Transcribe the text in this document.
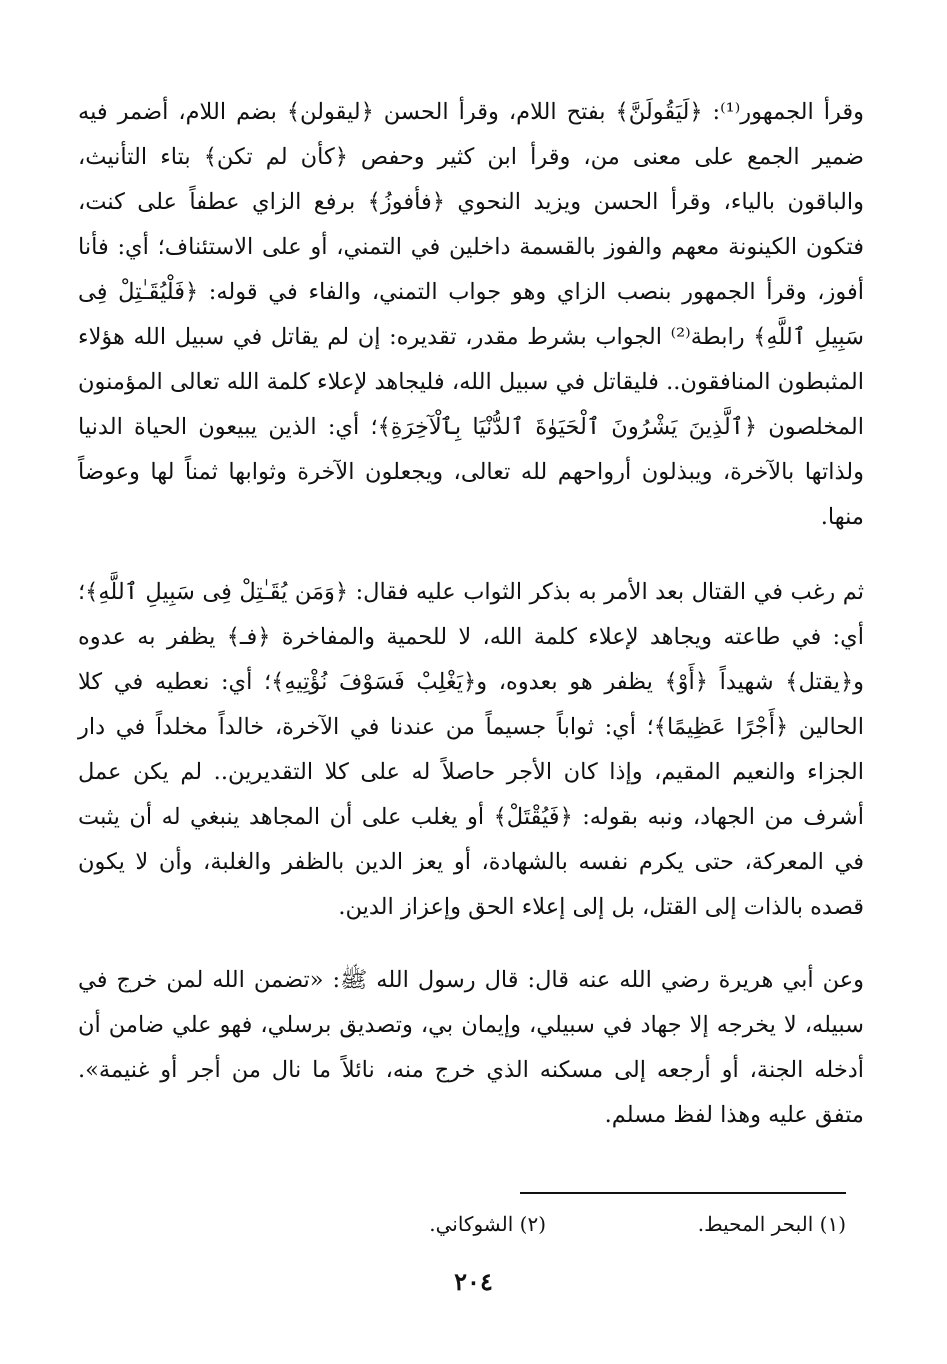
وقرأ الجمهور⁽¹⁾: ﴿لَيَقُولَنَّ﴾ بفتح اللام، وقرأ الحسن ﴿ليقولن﴾ بضم اللام، أضمر فيه ضمير الجمع على معنى من، وقرأ ابن كثير وحفص ﴿كأن لم تكن﴾ بتاء التأنيث، والباقون بالياء، وقرأ الحسن ويزيد النحوي ﴿فأفوزُ﴾ برفع الزاي عطفاً على كنت، فتكون الكينونة معهم والفوز بالقسمة داخلين في التمني، أو على الاستئناف؛ أي: فأنا أفوز، وقرأ الجمهور بنصب الزاي وهو جواب التمني، والفاء في قوله: ﴿فَلْيُقَـٰتِلْ فِى سَبِيلِ ٱللَّهِ﴾ رابطة⁽²⁾ الجواب بشرط مقدر، تقديره: إن لم يقاتل في سبيل الله هؤلاء المثبطون المنافقون.. فليقاتل في سبيل الله، فليجاهد لإعلاء كلمة الله تعالى المؤمنون المخلصون ﴿ٱلَّذِينَ يَشْرُونَ ٱلْحَيَوٰةَ ٱلدُّنْيَا بِٱلْآخِرَةِ﴾؛ أي: الذين يبيعون الحياة الدنيا ولذاتها بالآخرة، ويبذلون أرواحهم لله تعالى، ويجعلون الآخرة وثوابها ثمناً لها وعوضاً منها.

ثم رغب في القتال بعد الأمر به بذكر الثواب عليه فقال: ﴿وَمَن يُقَـٰتِلْ فِى سَبِيلِ ٱللَّهِ﴾؛ أي: في طاعته ويجاهد لإعلاء كلمة الله، لا للحمية والمفاخرة ﴿فـ﴾ يظفر به عدوه و﴿يقتل﴾ شهيداً ﴿أَوْ﴾ يظفر هو بعدوه، و﴿يَغْلِبْ فَسَوْفَ نُؤْتِيهِ﴾؛ أي: نعطيه في كلا الحالين ﴿أَجْرًا عَظِيمًا﴾؛ أي: ثواباً جسيماً من عندنا في الآخرة، خالداً مخلداً في دار الجزاء والنعيم المقيم، وإذا كان الأجر حاصلاً له على كلا التقديرين.. لم يكن عمل أشرف من الجهاد، ونبه بقوله: ﴿فَيُقْتَلْ﴾ أو يغلب على أن المجاهد ينبغي له أن يثبت في المعركة، حتى يكرم نفسه بالشهادة، أو يعز الدين بالظفر والغلبة، وأن لا يكون قصده بالذات إلى القتل، بل إلى إعلاء الحق وإعزاز الدين.

وعن أبي هريرة رضي الله عنه قال: قال رسول الله ﷺ: «تضمن الله لمن خرج في سبيله، لا يخرجه إلا جهاد في سبيلي، وإيمان بي، وتصديق برسلي، فهو علي ضامن أن أدخله الجنة، أو أرجعه إلى مسكنه الذي خرج منه، نائلاً ما نال من أجر أو غنيمة». متفق عليه وهذا لفظ مسلم.

(١) البحر المحيط.
(٢) الشوكاني.
٢٠٤
